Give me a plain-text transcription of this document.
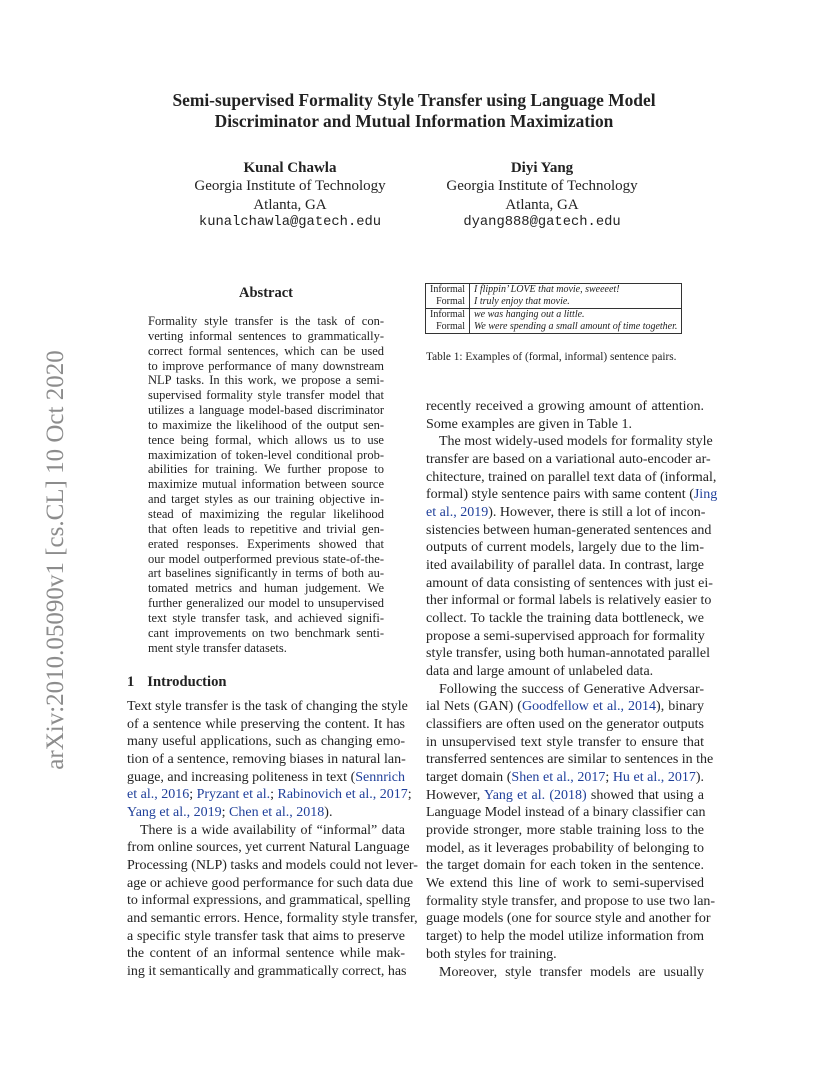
arXiv:2010.05090v1 [cs.CL] 10 Oct 2020
Semi-supervised Formality Style Transfer using Language Model
Discriminator and Mutual Information Maximization
Kunal Chawla
Georgia Institute of Technology
Atlanta, GA
kunalchawla@gatech.edu
Diyi Yang
Georgia Institute of Technology
Atlanta, GA
dyang888@gatech.edu
Abstract
Formality style transfer is the task of con-
verting informal sentences to grammatically-
correct formal sentences, which can be used
to improve performance of many downstream
NLP tasks. In this work, we propose a semi-
supervised formality style transfer model that
utilizes a language model-based discriminator
to maximize the likelihood of the output sen-
tence being formal, which allows us to use
maximization of token-level conditional prob-
abilities for training. We further propose to
maximize mutual information between source
and target styles as our training objective in-
stead of maximizing the regular likelihood
that often leads to repetitive and trivial gen-
erated responses. Experiments showed that
our model outperformed previous state-of-the-
art baselines significantly in terms of both au-
tomated metrics and human judgement. We
further generalized our model to unsupervised
text style transfer task, and achieved signifi-
cant improvements on two benchmark senti-
ment style transfer datasets.
1 Introduction
Text style transfer is the task of changing the style
of a sentence while preserving the content. It has
many useful applications, such as changing emo-
tion of a sentence, removing biases in natural lan-
guage, and increasing politeness in text (Sennrich
et al., 2016; Pryzant et al.; Rabinovich et al., 2017;
Yang et al., 2019; Chen et al., 2018).
There is a wide availability of “informal” data
from online sources, yet current Natural Language
Processing (NLP) tasks and models could not lever-
age or achieve good performance for such data due
to informal expressions, and grammatical, spelling
and semantic errors. Hence, formality style transfer,
a specific style transfer task that aims to preserve
the content of an informal sentence while mak-
ing it semantically and grammatically correct, has
Informal	I flippin’ LOVE that movie, sweeeet!
Formal	I truly enjoy that movie.
Informal	we was hanging out a little.
Formal	We were spending a small amount of time together.
Table 1: Examples of (formal, informal) sentence pairs.
recently received a growing amount of attention.
Some examples are given in Table 1.
The most widely-used models for formality style
transfer are based on a variational auto-encoder ar-
chitecture, trained on parallel text data of (informal,
formal) style sentence pairs with same content (Jing
et al., 2019). However, there is still a lot of incon-
sistencies between human-generated sentences and
outputs of current models, largely due to the lim-
ited availability of parallel data. In contrast, large
amount of data consisting of sentences with just ei-
ther informal or formal labels is relatively easier to
collect. To tackle the training data bottleneck, we
propose a semi-supervised approach for formality
style transfer, using both human-annotated parallel
data and large amount of unlabeled data.
Following the success of Generative Adversar-
ial Nets (GAN) (Goodfellow et al., 2014), binary
classifiers are often used on the generator outputs
in unsupervised text style transfer to ensure that
transferred sentences are similar to sentences in the
target domain (Shen et al., 2017; Hu et al., 2017).
However, Yang et al. (2018) showed that using a
Language Model instead of a binary classifier can
provide stronger, more stable training loss to the
model, as it leverages probability of belonging to
the target domain for each token in the sentence.
We extend this line of work to semi-supervised
formality style transfer, and propose to use two lan-
guage models (one for source style and another for
target) to help the model utilize information from
both styles for training.
Moreover, style transfer models are usually
